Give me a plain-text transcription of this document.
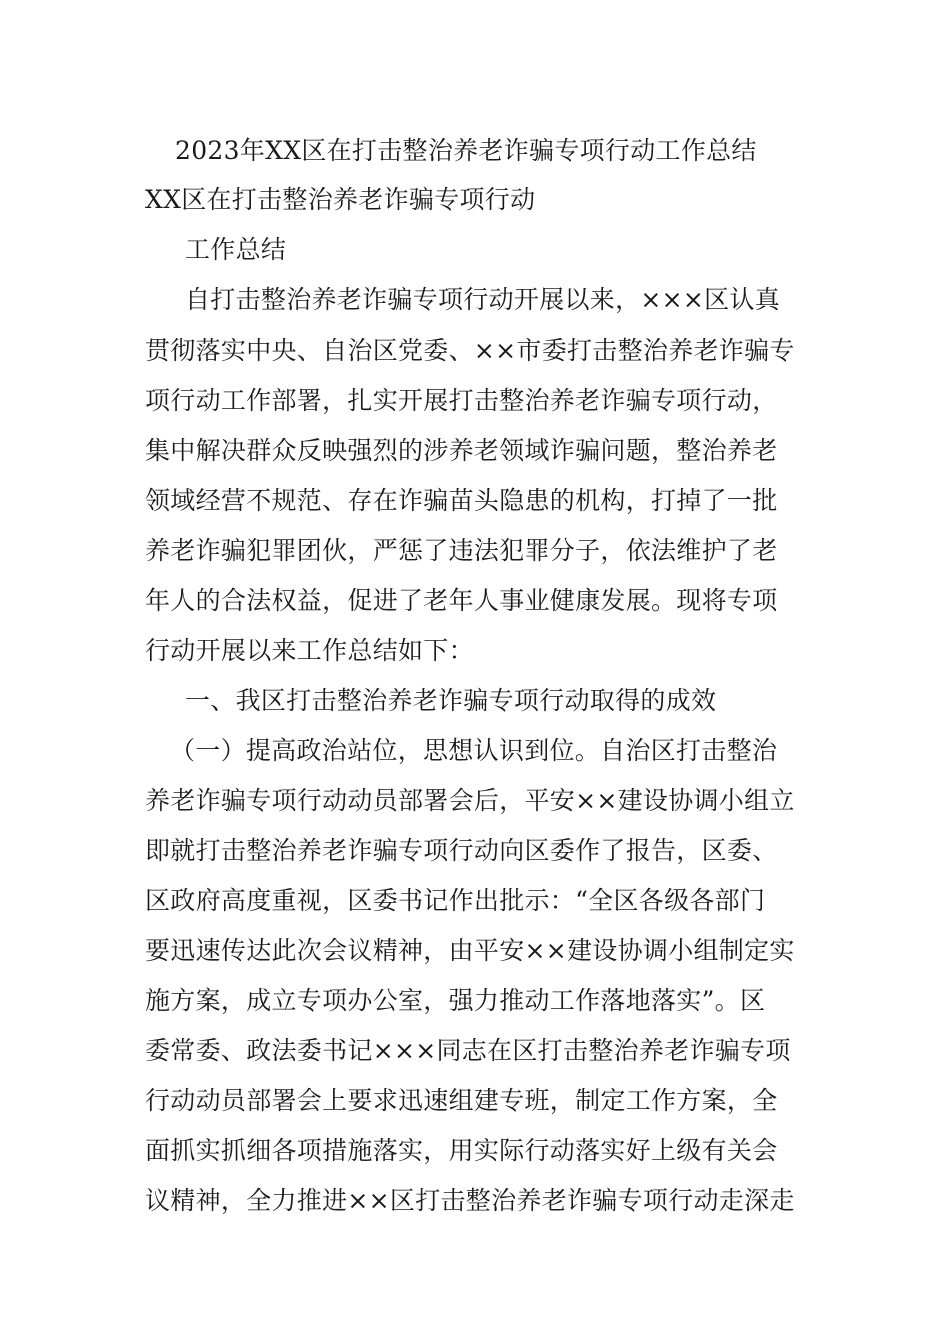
2023年XX区在打击整治养老诈骗专项行动工作总结
XX区在打击整治养老诈骗专项行动
工作总结
自打击整治养老诈骗专项行动开展以来，×××区认真
贯彻落实中央、自治区党委、××市委打击整治养老诈骗专
项行动工作部署，扎实开展打击整治养老诈骗专项行动，
集中解决群众反映强烈的涉养老领域诈骗问题，整治养老
领域经营不规范、存在诈骗苗头隐患的机构，打掉了一批
养老诈骗犯罪团伙，严惩了违法犯罪分子，依法维护了老
年人的合法权益，促进了老年人事业健康发展。现将专项
行动开展以来工作总结如下：
一、我区打击整治养老诈骗专项行动取得的成效
（一）提高政治站位，思想认识到位。自治区打击整治
养老诈骗专项行动动员部署会后，平安××建设协调小组立
即就打击整治养老诈骗专项行动向区委作了报告，区委、
区政府高度重视，区委书记作出批示：“全区各级各部门
要迅速传达此次会议精神，由平安××建设协调小组制定实
施方案，成立专项办公室，强力推动工作落地落实”。区
委常委、政法委书记×××同志在区打击整治养老诈骗专项
行动动员部署会上要求迅速组建专班，制定工作方案，全
面抓实抓细各项措施落实，用实际行动落实好上级有关会
议精神，全力推进××区打击整治养老诈骗专项行动走深走
